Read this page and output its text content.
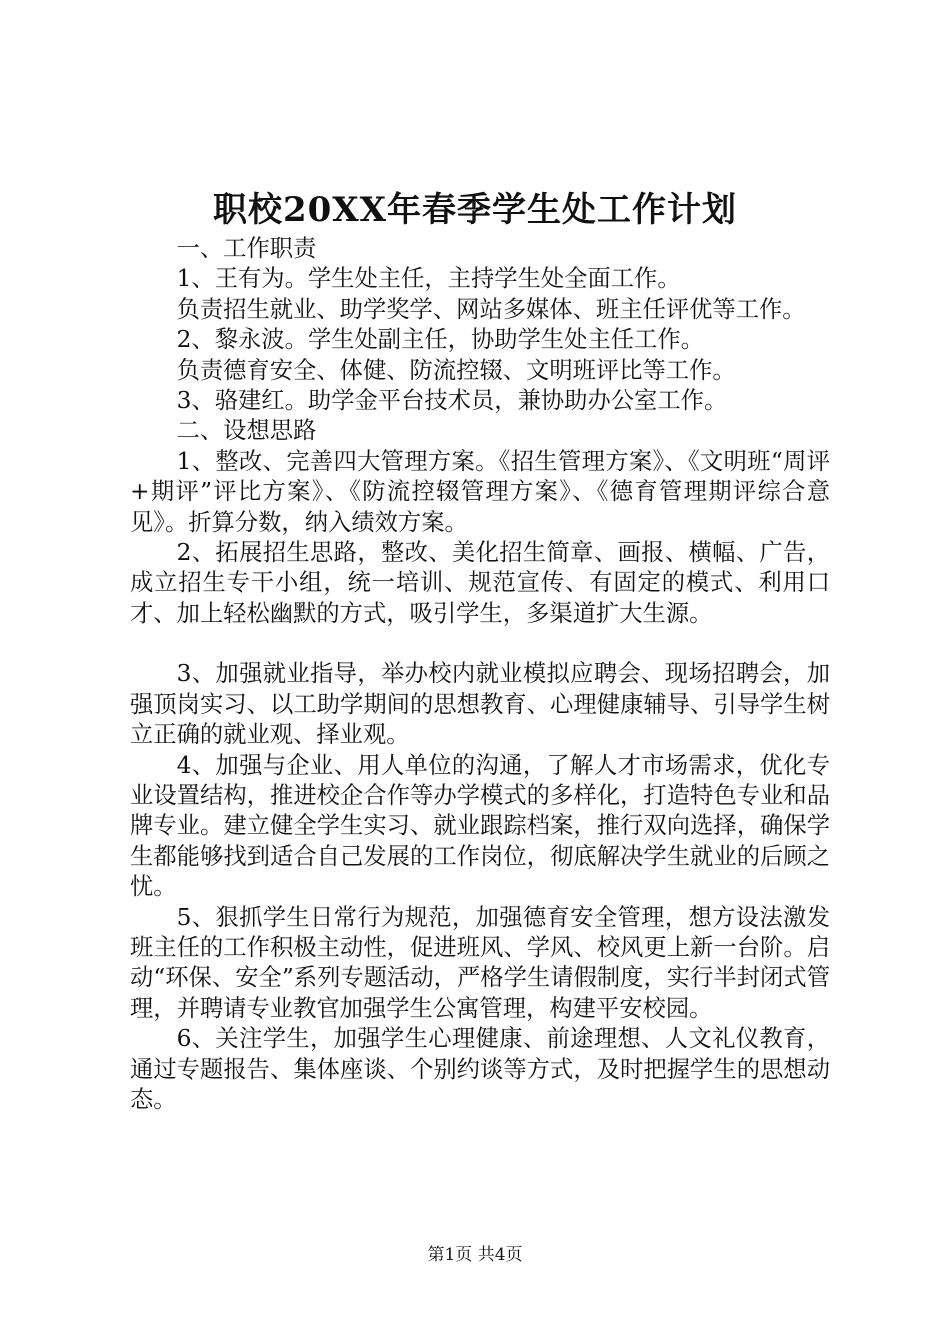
职校20XX年春季学生处工作计划

一、工作职责

1、王有为。学生处主任，主持学生处全面工作。

负责招生就业、助学奖学、网站多媒体、班主任评优等工作。

2、黎永波。学生处副主任，协助学生处主任工作。

负责德育安全、体健、防流控辍、文明班评比等工作。

3、骆建红。助学金平台技术员，兼协助办公室工作。

二、设想思路

1、整改、完善四大管理方案。《招生管理方案》、《文明班“周评+期评”评比方案》、《防流控辍管理方案》、《德育管理期评综合意见》。折算分数，纳入绩效方案。

2、拓展招生思路，整改、美化招生简章、画报、横幅、广告，成立招生专干小组，统一培训、规范宣传、有固定的模式、利用口才、加上轻松幽默的方式，吸引学生，多渠道扩大生源。

3、加强就业指导，举办校内就业模拟应聘会、现场招聘会，加强顶岗实习、以工助学期间的思想教育、心理健康辅导、引导学生树立正确的就业观、择业观。

4、加强与企业、用人单位的沟通，了解人才市场需求，优化专业设置结构，推进校企合作等办学模式的多样化，打造特色专业和品牌专业。建立健全学生实习、就业跟踪档案，推行双向选择，确保学生都能够找到适合自己发展的工作岗位，彻底解决学生就业的后顾之忧。

5、狠抓学生日常行为规范，加强德育安全管理，想方设法激发班主任的工作积极主动性，促进班风、学风、校风更上新一台阶。启动“环保、安全”系列专题活动，严格学生请假制度，实行半封闭式管理，并聘请专业教官加强学生公寓管理，构建平安校园。

6、关注学生，加强学生心理健康、前途理想、人文礼仪教育，通过专题报告、集体座谈、个别约谈等方式，及时把握学生的思想动态。

第1页 共4页
